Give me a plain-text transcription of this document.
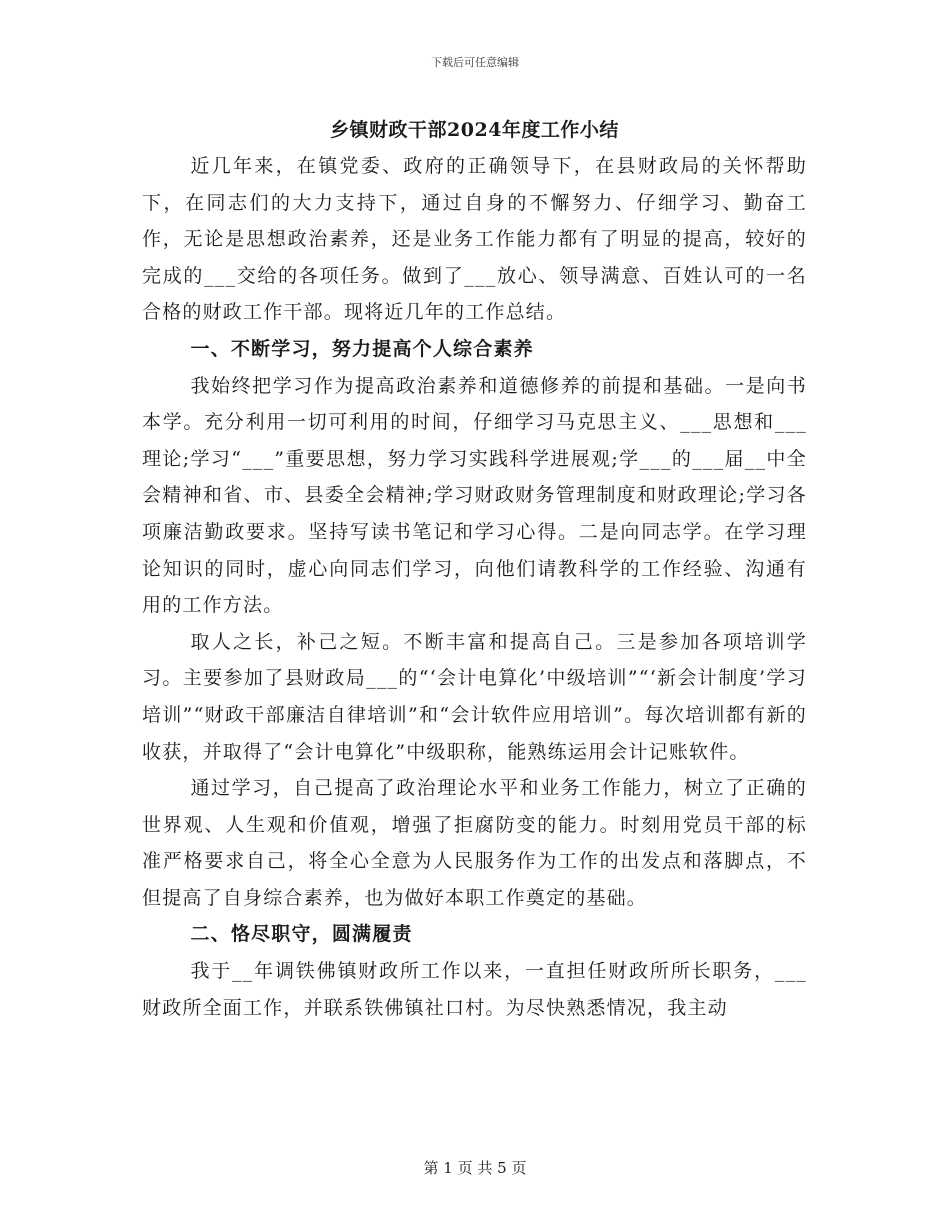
下载后可任意编辑
乡镇财政干部2024年度工作小结

近几年来，在镇党委、政府的正确领导下，在县财政局的关怀帮助下，在同志们的大力支持下，通过自身的不懈努力、仔细学习、勤奋工作，无论是思想政治素养，还是业务工作能力都有了明显的提高，较好的完成的___交给的各项任务。做到了___放心、领导满意、百姓认可的一名合格的财政工作干部。现将近几年的工作总结。

一、不断学习，努力提高个人综合素养

我始终把学习作为提高政治素养和道德修养的前提和基础。一是向书本学。充分利用一切可利用的时间，仔细学习马克思主义、___思想和___理论;学习“___”重要思想，努力学习实践科学进展观;学___的___届__中全会精神和省、市、县委全会精神;学习财政财务管理制度和财政理论;学习各项廉洁勤政要求。坚持写读书笔记和学习心得。二是向同志学。在学习理论知识的同时，虚心向同志们学习，向他们请教科学的工作经验、沟通有用的工作方法。

取人之长，补己之短。不断丰富和提高自己。三是参加各项培训学习。主要参加了县财政局___的“‘会计电算化’中级培训”“‘新会计制度’学习培训”“财政干部廉洁自律培训”和“会计软件应用培训”。每次培训都有新的收获，并取得了“会计电算化”中级职称，能熟练运用会计记账软件。

通过学习，自己提高了政治理论水平和业务工作能力，树立了正确的世界观、人生观和价值观，增强了拒腐防变的能力。时刻用党员干部的标准严格要求自己，将全心全意为人民服务作为工作的出发点和落脚点，不但提高了自身综合素养，也为做好本职工作奠定的基础。

二、恪尽职守，圆满履责

我于__年调铁佛镇财政所工作以来，一直担任财政所所长职务，___财政所全面工作，并联系铁佛镇社口村。为尽快熟悉情况，我主动

第 1 页 共 5 页
